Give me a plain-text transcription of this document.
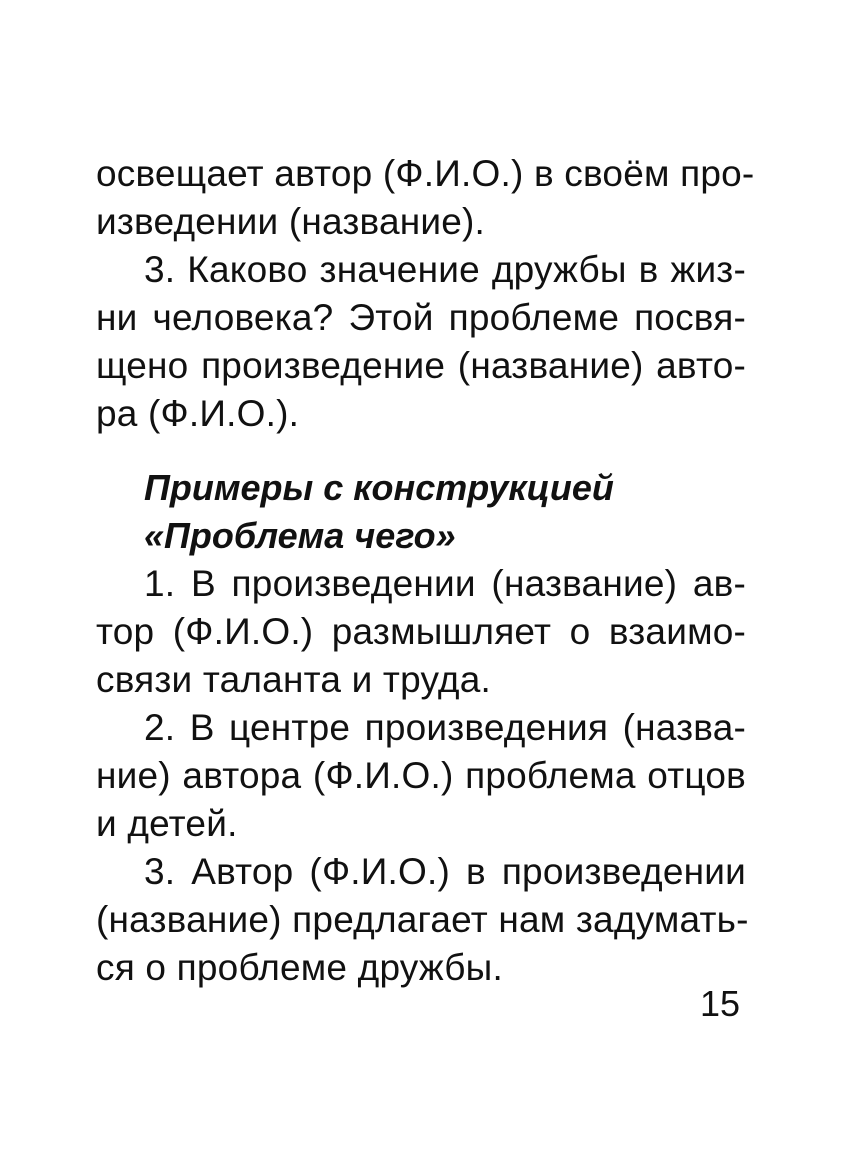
освещает автор (Ф.И.О.) в своём про-
изведении (название).
3. Каково значение дружбы в жиз-
ни человека? Этой проблеме посвя-
щено произведение (название) авто-
ра (Ф.И.О.).
Примеры с конструкцией
«Проблема чего»
1. В произведении (название) ав-
тор (Ф.И.О.) размышляет о взаимо-
связи таланта и труда.
2. В центре произведения (назва-
ние) автора (Ф.И.О.) проблема отцов
и детей.
3. Автор (Ф.И.О.) в произведении
(название) предлагает нам задумать-
ся о проблеме дружбы.
15
